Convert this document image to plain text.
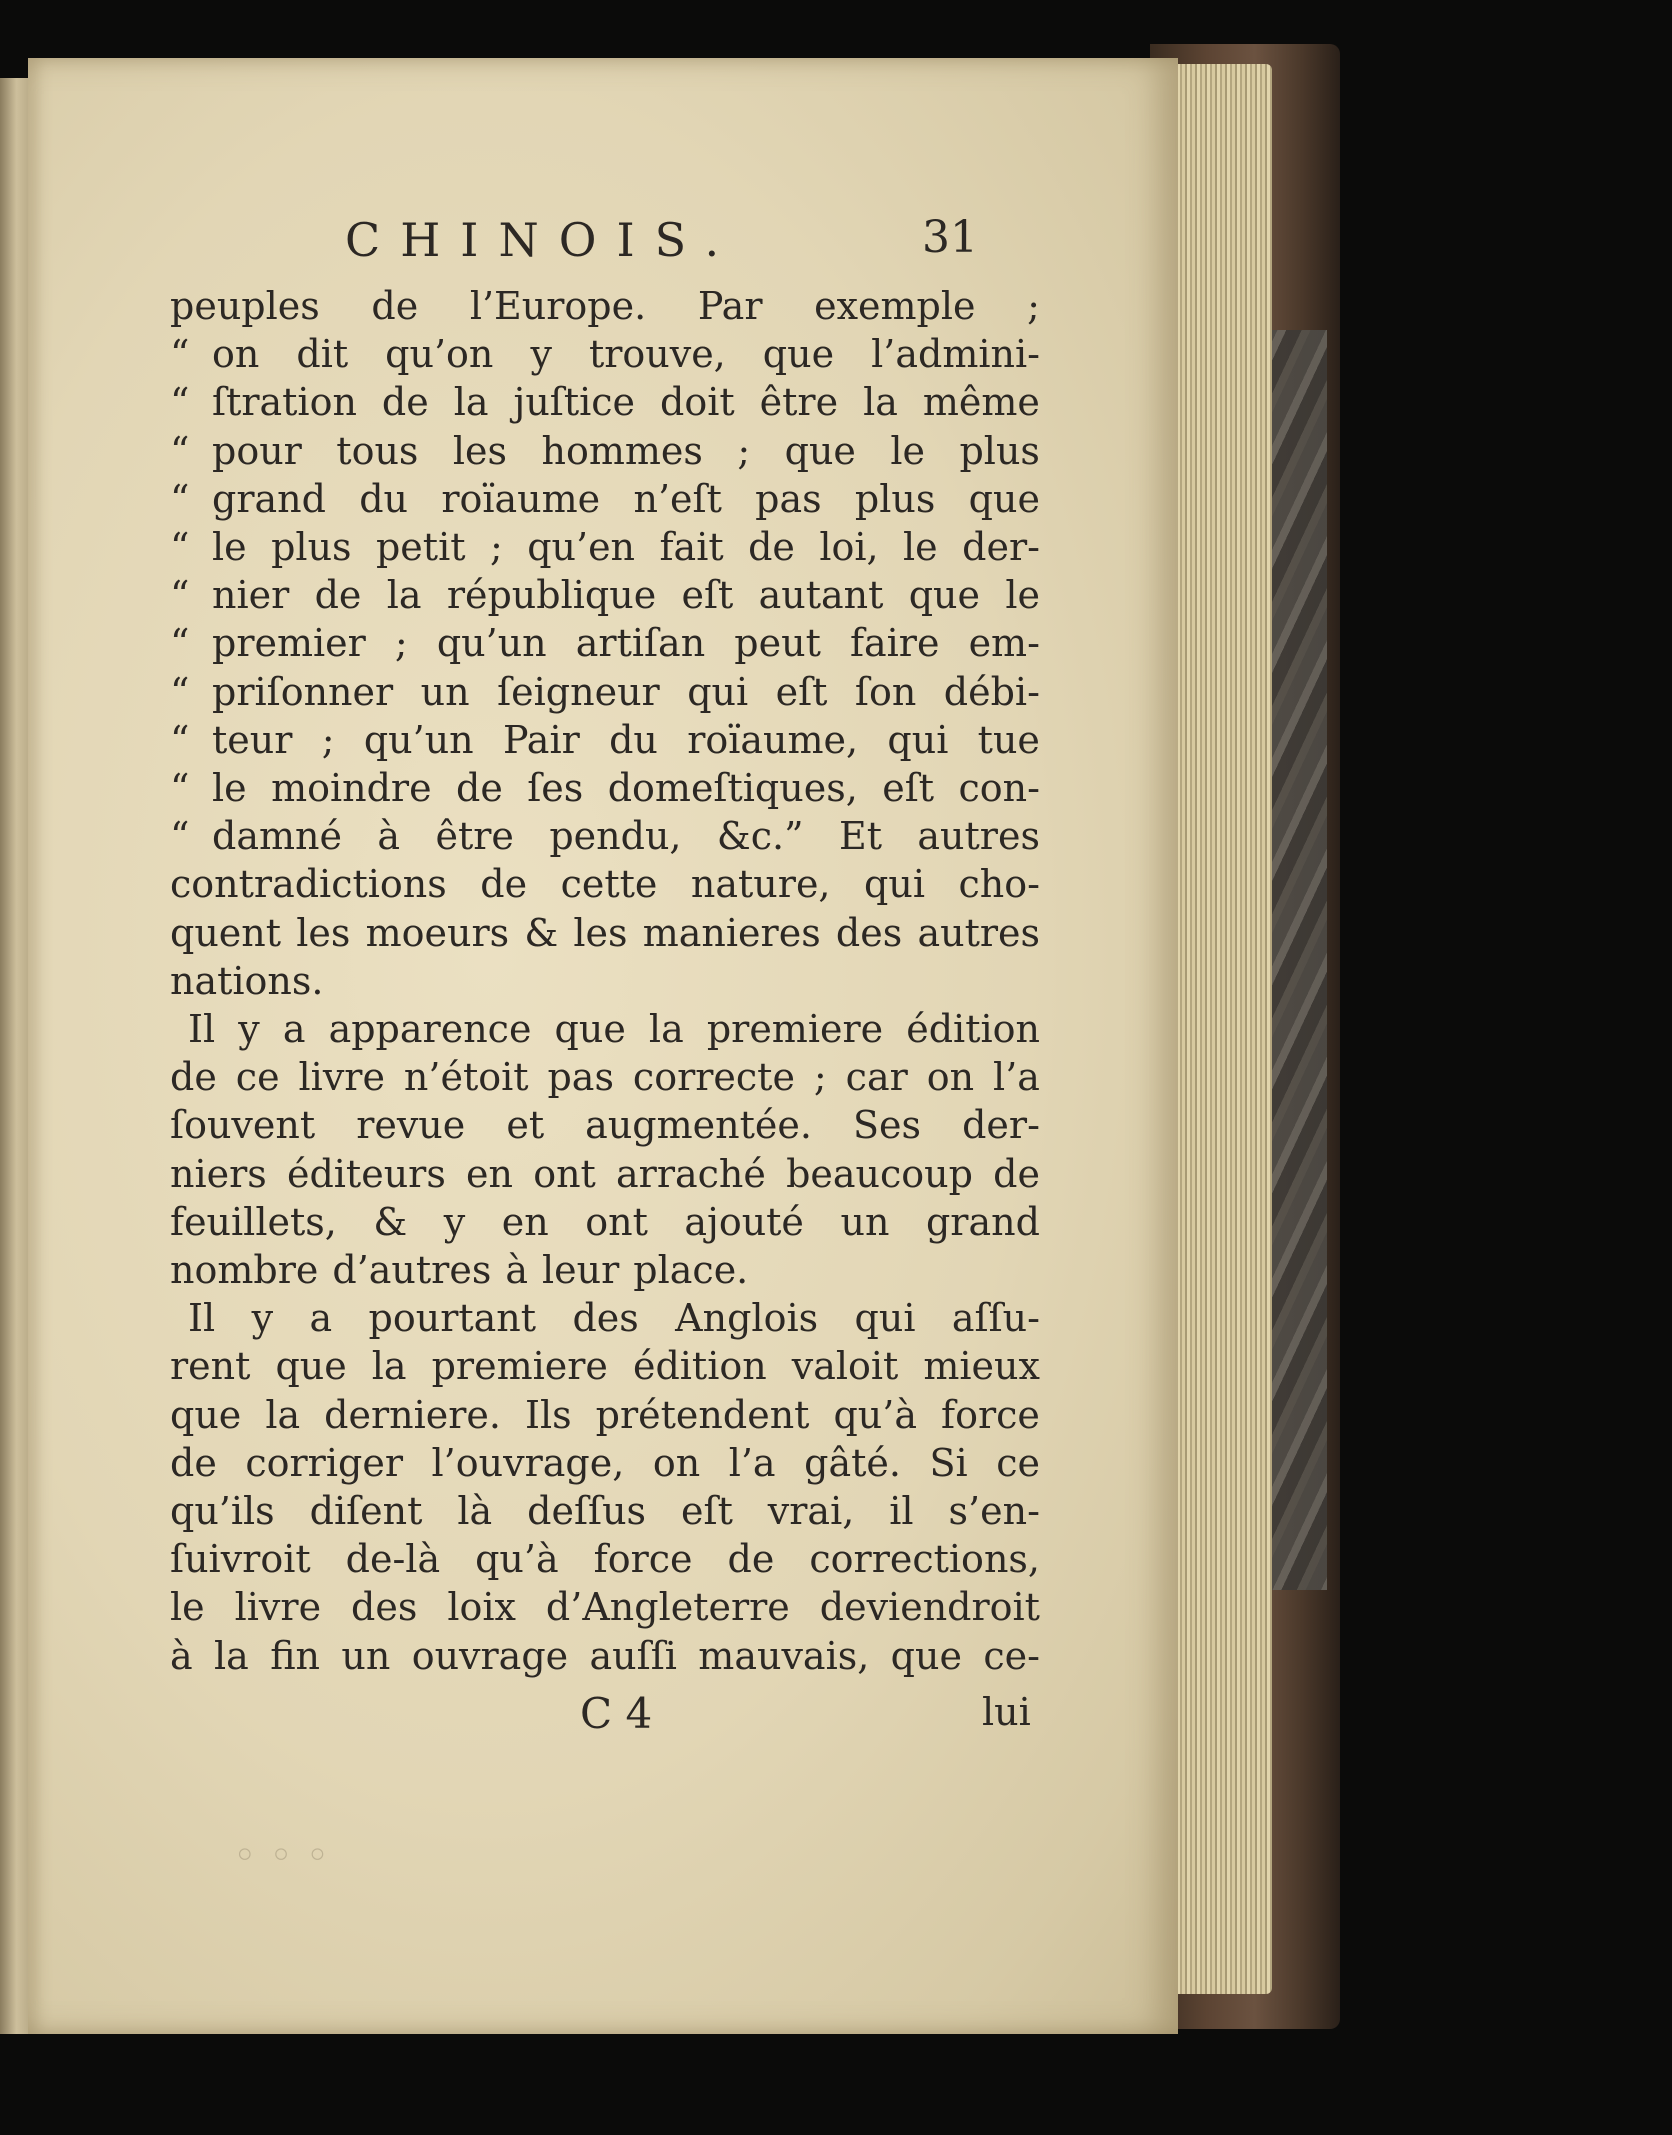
◦ ◦ ◦
CHINOIS.	31
peuples de l’Europe. Par exemple ;
“ on dit qu’on y trouve, que l’admini-
“ ſtration de la juſtice doit être la même
“ pour tous les hommes ; que le plus
“ grand du roïaume n’eſt pas plus que
“ le plus petit ; qu’en fait de loi, le der-
“ nier de la république eſt autant que le
“ premier ; qu’un artiſan peut faire em-
“ priſonner un ſeigneur qui eſt ſon débi-
“ teur ; qu’un Pair du roïaume, qui tue
“ le moindre de ſes domeſtiques, eſt con-
“ damné à être pendu, &c.” Et autres
contradictions de cette nature, qui cho-
quent les moeurs & les manieres des autres
nations.
Il y a apparence que la premiere édition
de ce livre n’étoit pas correcte ; car on l’a
ſouvent revue et augmentée. Ses der-
niers éditeurs en ont arraché beaucoup de
feuillets, & y en ont ajouté un grand
nombre d’autres à leur place.
Il y a pourtant des Anglois qui aſſu-
rent que la premiere édition valoit mieux
que la derniere. Ils prétendent qu’à force
de corriger l’ouvrage, on l’a gâté. Si ce
qu’ils diſent là deſſus eſt vrai, il s’en-
ſuivroit de-là qu’à force de corrections,
le livre des loix d’Angleterre deviendroit
à la fin un ouvrage auſſi mauvais, que ce-
C 4	lui
